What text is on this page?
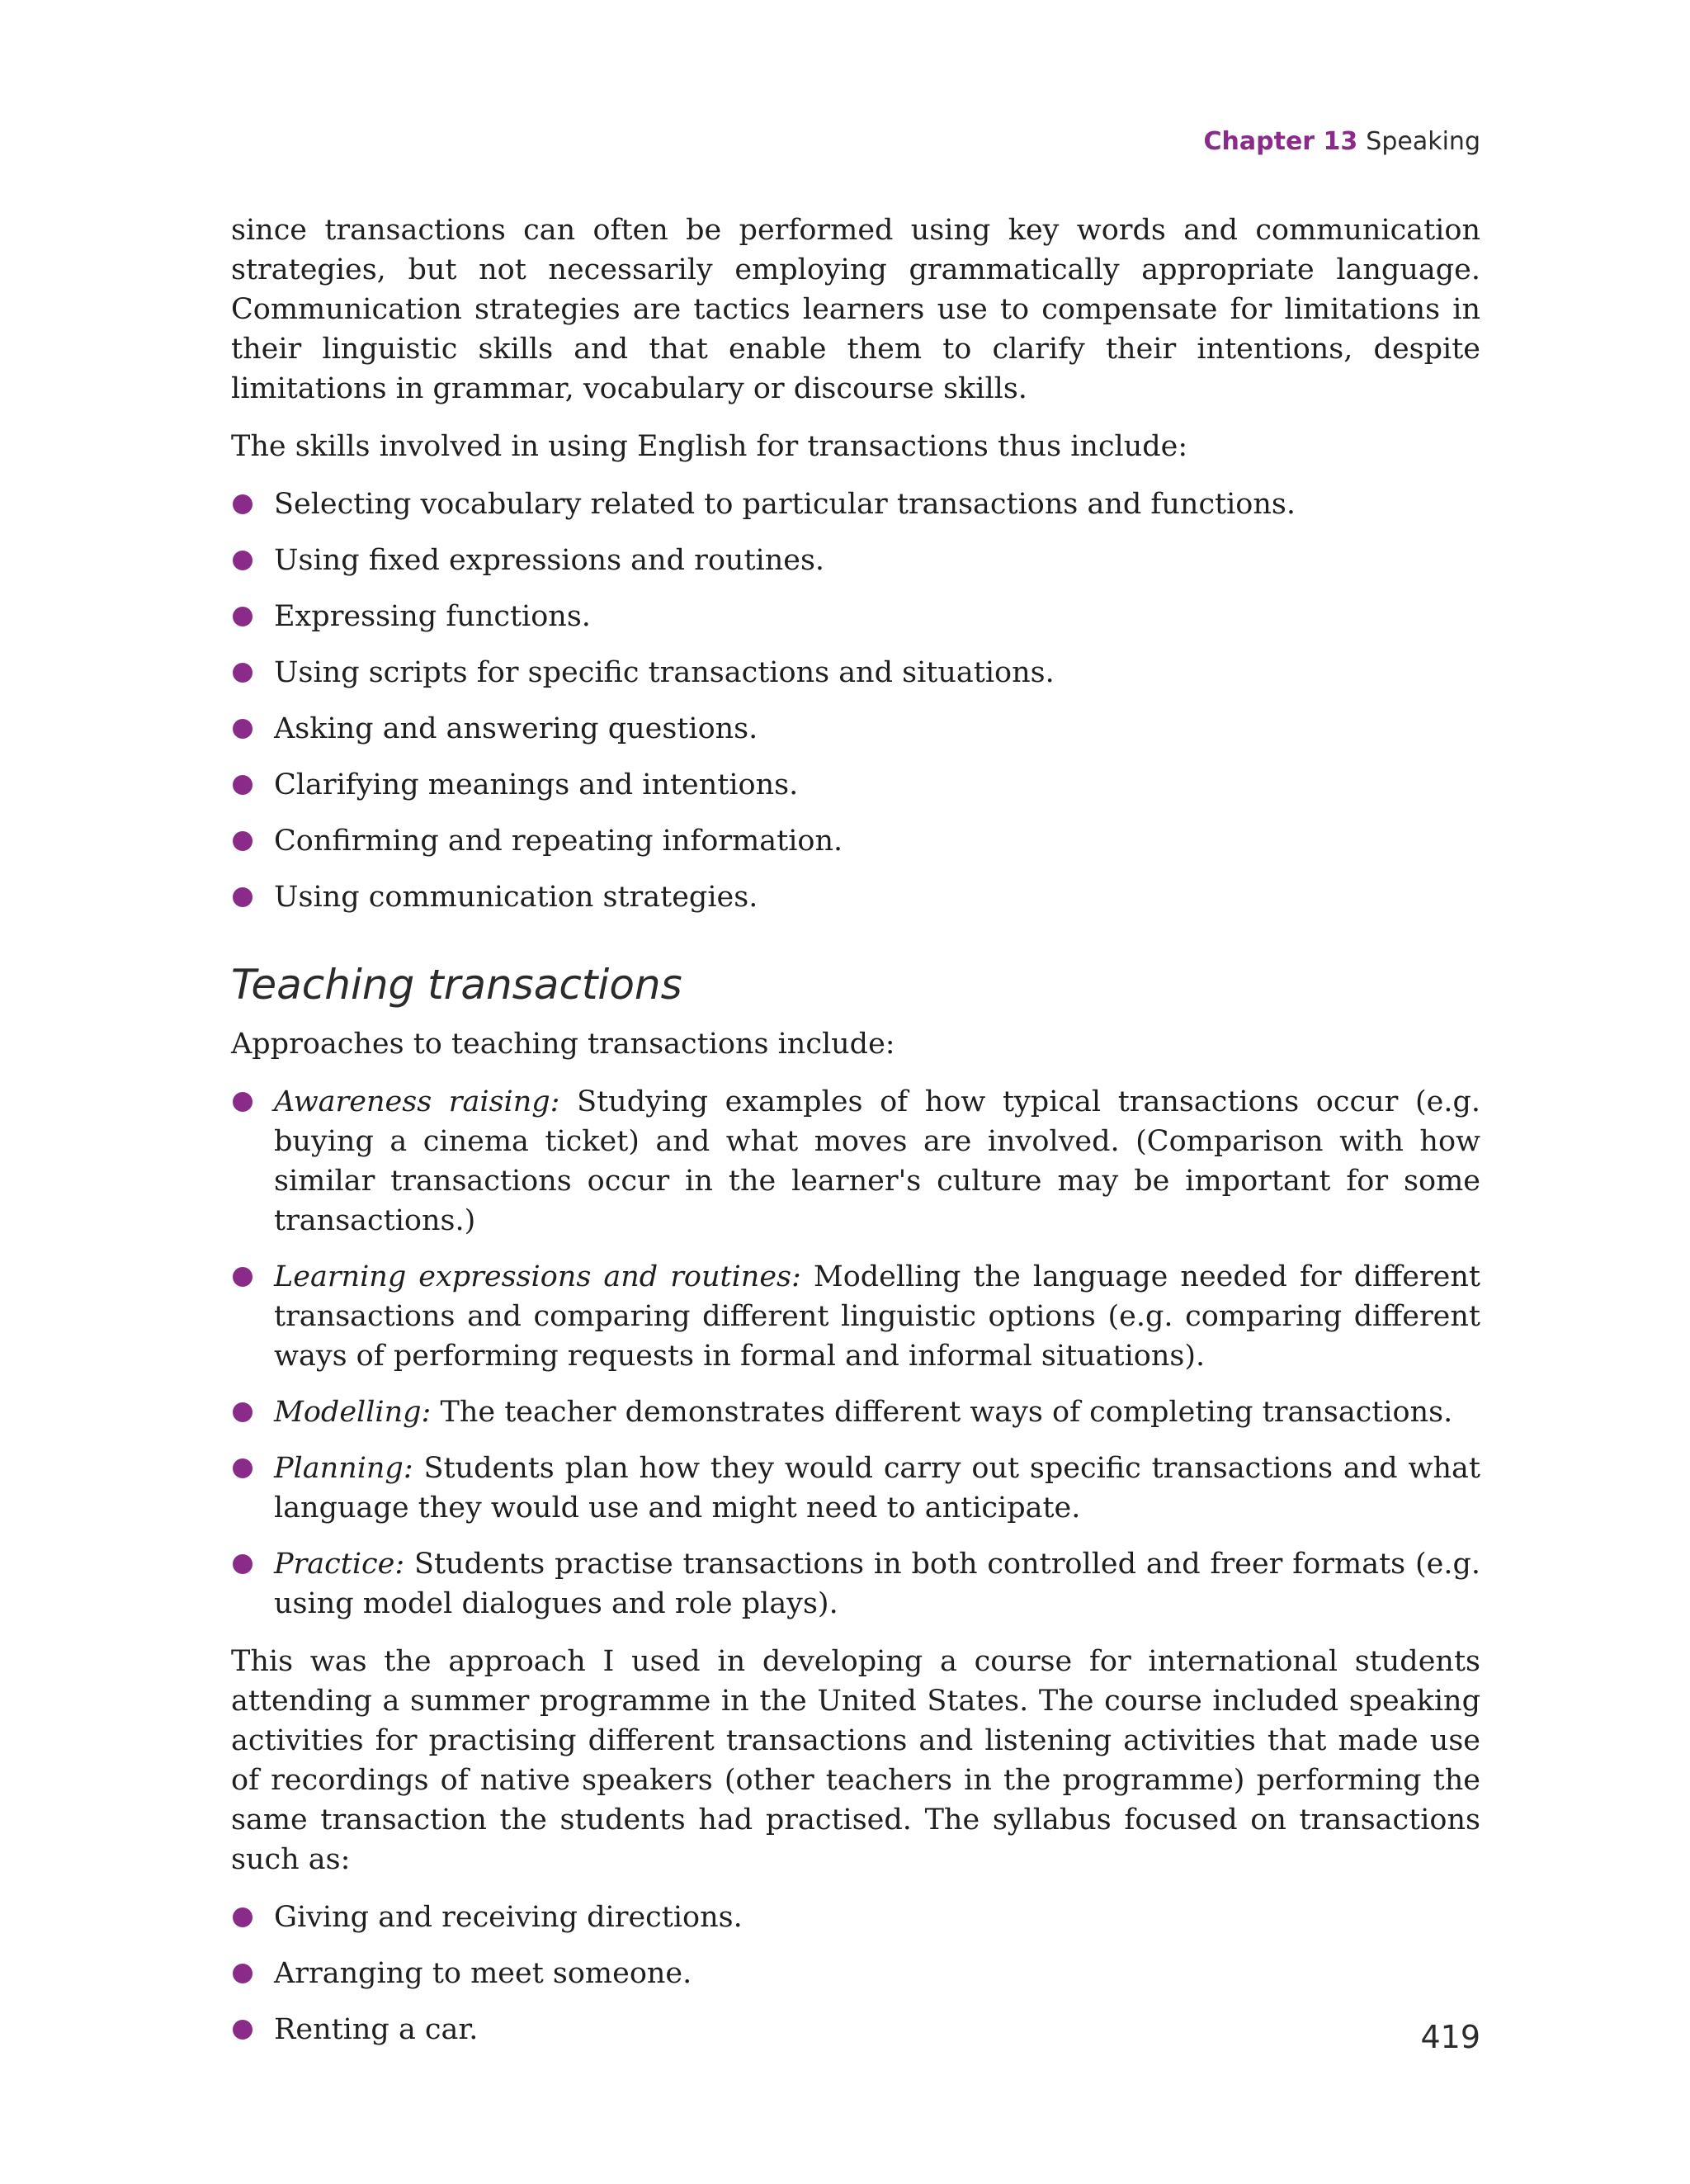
Chapter 13 Speaking

since transactions can often be performed using key words and communication strategies, but not necessarily employing grammatically appropriate language. Communication strategies are tactics learners use to compensate for limitations in their linguistic skills and that enable them to clarify their intentions, despite limitations in grammar, vocabulary or discourse skills.

The skills involved in using English for transactions thus include:

Selecting vocabulary related to particular transactions and functions.
Using fixed expressions and routines.
Expressing functions.
Using scripts for specific transactions and situations.
Asking and answering questions.
Clarifying meanings and intentions.
Confirming and repeating information.
Using communication strategies.
Teaching transactions

Approaches to teaching transactions include:

Awareness raising: Studying examples of how typical transactions occur (e.g. buying a cinema ticket) and what moves are involved. (Comparison with how similar transactions occur in the learner's culture may be important for some transactions.)
Learning expressions and routines: Modelling the language needed for different transactions and comparing different linguistic options (e.g. comparing different ways of performing requests in formal and informal situations).
Modelling: The teacher demonstrates different ways of completing transactions.
Planning: Students plan how they would carry out specific transactions and what language they would use and might need to anticipate.
Practice: Students practise transactions in both controlled and freer formats (e.g. using model dialogues and role plays).

This was the approach I used in developing a course for international students attending a summer programme in the United States. The course included speaking activities for practising different transactions and listening activities that made use of recordings of native speakers (other teachers in the programme) performing the same transaction the students had practised. The syllabus focused on transactions such as:

Giving and receiving directions.
Arranging to meet someone.
Renting a car.	419
